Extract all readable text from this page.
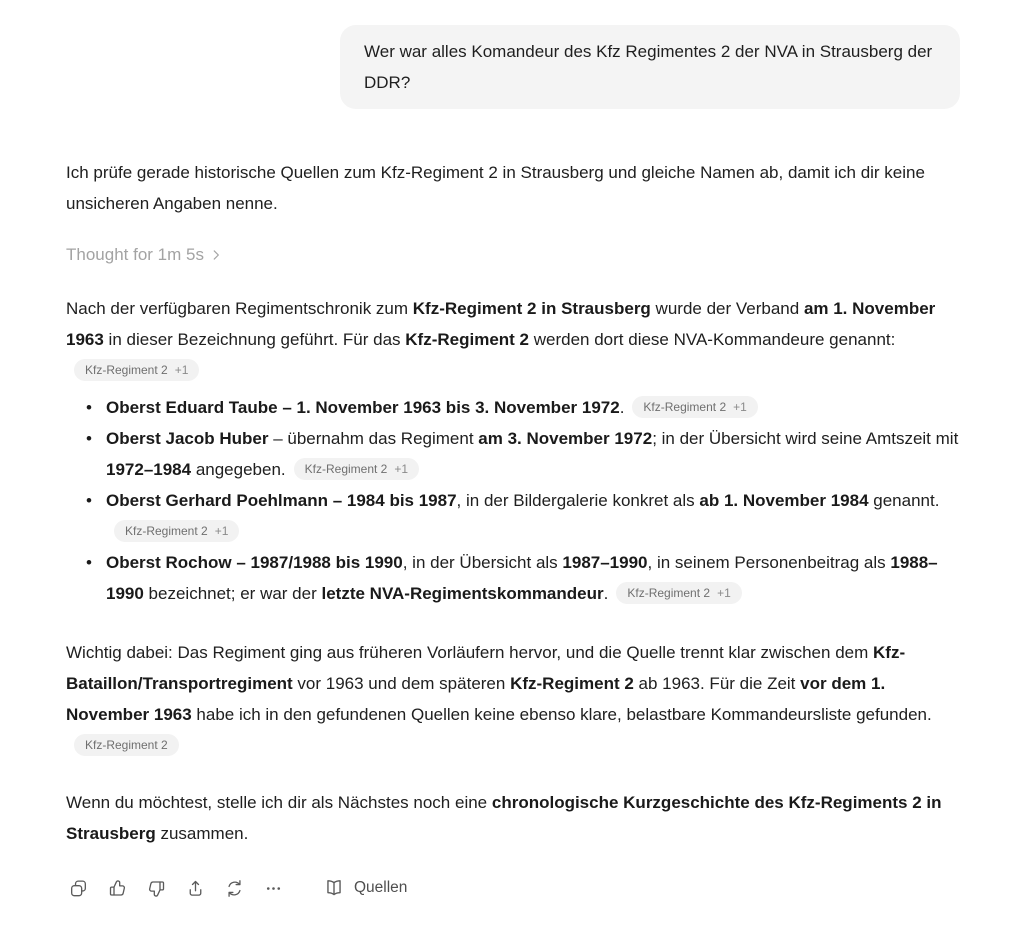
Wer war alles Komandeur des Kfz Regimentes 2 der NVA in Strausberg der DDR?

Ich prüfe gerade historische Quellen zum Kfz-Regiment 2 in Strausberg und gleiche Namen ab, damit ich dir keine unsicheren Angaben nenne.

Thought for 1m 5s

Nach der verfügbaren Regimentschronik zum Kfz-Regiment 2 in Strausberg wurde der Verband am 1. November 1963 in dieser Bezeichnung geführt. Für das Kfz-Regiment 2 werden dort diese NVA-Kommandeure genannt:
Kfz-Regiment 2 +1

• Oberst Eduard Taube – 1. November 1963 bis 3. November 1972. Kfz-Regiment 2 +1
• Oberst Jacob Huber – übernahm das Regiment am 3. November 1972; in der Übersicht wird seine Amtszeit mit 1972–1984 angegeben. Kfz-Regiment 2 +1
• Oberst Gerhard Poehlmann – 1984 bis 1987, in der Bildergalerie konkret als ab 1. November 1984 genannt.
Kfz-Regiment 2 +1
• Oberst Rochow – 1987/1988 bis 1990, in der Übersicht als 1987–1990, in seinem Personenbeitrag als 1988–1990 bezeichnet; er war der letzte NVA-Regimentskommandeur. Kfz-Regiment 2 +1

Wichtig dabei: Das Regiment ging aus früheren Vorläufern hervor, und die Quelle trennt klar zwischen dem Kfz-Bataillon/Transportregiment vor 1963 und dem späteren Kfz-Regiment 2 ab 1963. Für die Zeit vor dem 1. November 1963 habe ich in den gefundenen Quellen keine ebenso klare, belastbare Kommandeursliste gefunden.
Kfz-Regiment 2

Wenn du möchtest, stelle ich dir als Nächstes noch eine chronologische Kurzgeschichte des Kfz-Regiments 2 in Strausberg zusammen.

Quellen
